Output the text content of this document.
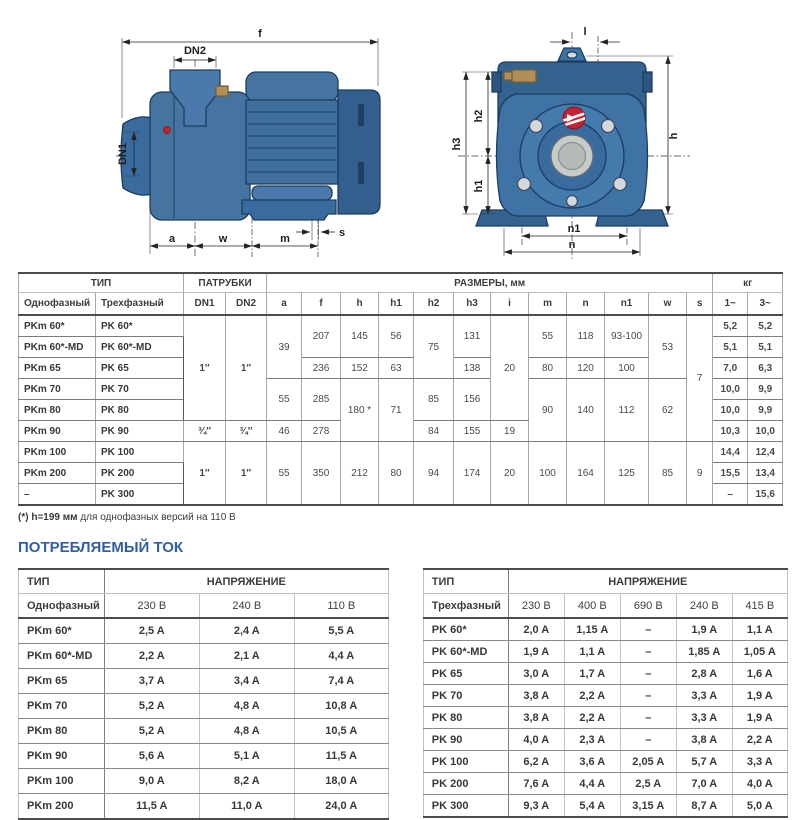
f
DN2
DN1
a	w	m	s
l
h3
h2
h1
h
n1
n
ТИП		ПАТРУБКИ		РАЗМЕРЫ, мм												кг	
Однофазный	Трехфазный	DN1	DN2	a	f	h	h1	h2	h3	i	m	n	n1	w	s	1~	3~
PKm 60*	PK 60*	1″	1″	39	207	145	56	75	131	20	55	118	93-100	53	7	5,2	5,2
PKm 60*-MD	PK 60*-MD															5,1	5,1
PKm 65	PK 65				236	152	63		138		80	120	100			7,0	6,3
PKm 70	PK 70			55	285	180 *	71	85	156		90	140	112	62		10,0	9,9
PKm 80	PK 80															10,0	9,9
PKm 90	PK 90	¾″	¾″	46	278			84	155	19						10,3	10,0
PKm 100	PK 100	1″	1″	55	350	212	80	94	174	20	100	164	125	85	9	14,4	12,4
PKm 200	PK 200															15,5	13,4
–	PK 300															–	15,6
(*) h=199 мм для однофазных версий на 110 В
ПОТРЕБЛЯЕМЫЙ ТОК
ТИП	НАПРЯЖЕНИЕ		
Однофазный	230 В	240 В	110 В
PKm 60*	2,5 A	2,4 A	5,5 A
PKm 60*-MD	2,2 A	2,1 A	4,4 A
PKm 65	3,7 A	3,4 A	7,4 A
PKm 70	5,2 A	4,8 A	10,8 A
PKm 80	5,2 A	4,8 A	10,5 A
PKm 90	5,6 A	5,1 A	11,5 A
PKm 100	9,0 A	8,2 A	18,0 A
PKm 200	11,5 A	11,0 A	24,0 A
ТИП	НАПРЯЖЕНИЕ				
Трехфазный	230 В	400 В	690 В	240 В	415 В
PK 60*	2,0 A	1,15 A	–	1,9 A	1,1 A
PK 60*-MD	1,9 A	1,1 A	–	1,85 A	1,05 A
PK 65	3,0 A	1,7 A	–	2,8 A	1,6 A
PK 70	3,8 A	2,2 A	–	3,3 A	1,9 A
PK 80	3,8 A	2,2 A	–	3,3 A	1,9 A
PK 90	4,0 A	2,3 A	–	3,8 A	2,2 A
PK 100	6,2 A	3,6 A	2,05 A	5,7 A	3,3 A
PK 200	7,6 A	4,4 A	2,5 A	7,0 A	4,0 A
PK 300	9,3 A	5,4 A	3,15 A	8,7 A	5,0 A
